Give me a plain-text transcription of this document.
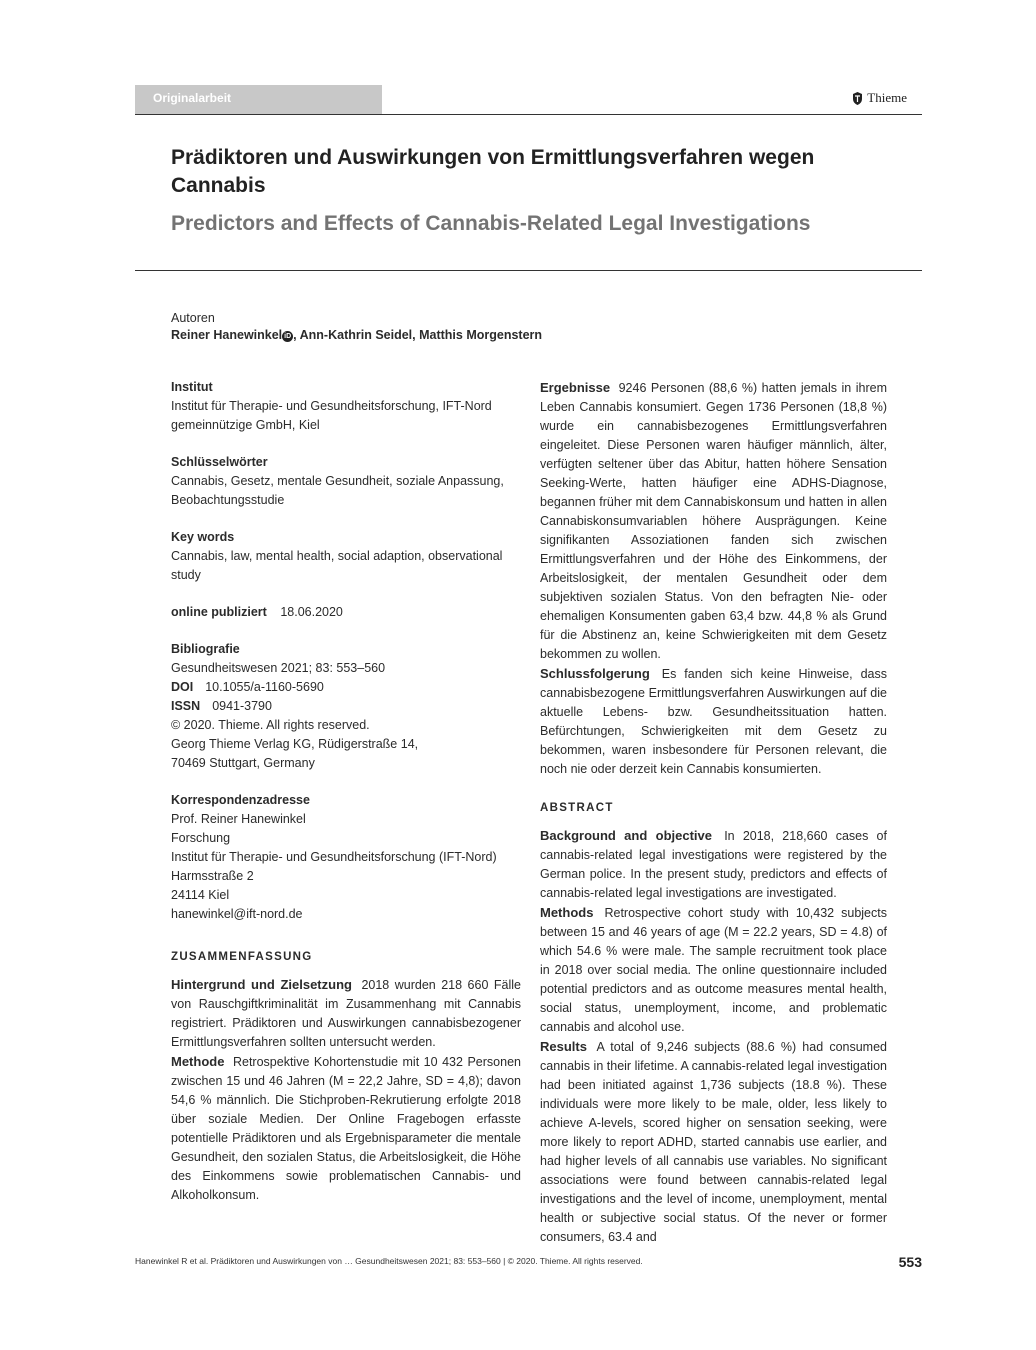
Originalarbeit	Thieme
Prädiktoren und Auswirkungen von Ermittlungsverfahren wegen Cannabis
Predictors and Effects of Cannabis-Related Legal Investigations
Autoren
Reiner Hanewinkel iD , Ann-Kathrin Seidel, Matthis Morgenstern
Institut
Institut für Therapie- und Gesundheitsforschung, IFT-Nord
gemeinnützige GmbH, Kiel
Schlüsselwörter
Cannabis, Gesetz, mentale Gesundheit, soziale Anpassung,
Beobachtungsstudie
Key words
Cannabis, law, mental health, social adaption, observational
study
online publiziert 18.06.2020
Bibliografie
Gesundheitswesen 2021; 83: 553–560
DOI 10.1055/a-1160-5690
ISSN 0941-3790
© 2020. Thieme. All rights reserved.
Georg Thieme Verlag KG, Rüdigerstraße 14,
70469 Stuttgart, Germany
Korrespondenzadresse
Prof. Reiner Hanewinkel
Forschung
Institut für Therapie- und Gesundheitsforschung (IFT-Nord)
Harmsstraße 2
24114 Kiel
hanewinkel@ift-nord.de
ZUSAMMENFASSUNG

Hintergrund und Zielsetzung 2018 wurden 218 660 Fälle von Rauschgiftkriminalität im Zusammenhang mit Cannabis registriert. Prädiktoren und Auswirkungen cannabisbezogener Ermittlungsverfahren sollten untersucht werden.

Methode Retrospektive Kohortenstudie mit 10 432 Personen zwischen 15 und 46 Jahren (M = 22,2 Jahre, SD = 4,8); davon 54,6 % männlich. Die Stichproben-Rekrutierung erfolgte 2018 über soziale Medien. Der Online Fragebogen erfasste potentielle Prädiktoren und als Ergebnisparameter die mentale Gesundheit, den sozialen Status, die Arbeitslosigkeit, die Höhe des Einkommens sowie problematischen Cannabis- und Alkoholkonsum.

Ergebnisse 9246 Personen (88,6 %) hatten jemals in ihrem Leben Cannabis konsumiert. Gegen 1736 Personen (18,8 %) wurde ein cannabisbezogenes Ermittlungsverfahren eingeleitet. Diese Personen waren häufiger männlich, älter, verfügten seltener über das Abitur, hatten höhere Sensation Seeking-Werte, hatten häufiger eine ADHS-Diagnose, begannen früher mit dem Cannabiskonsum und hatten in allen Cannabiskonsumvariablen höhere Ausprägungen. Keine signifikanten Assoziationen fanden sich zwischen Ermittlungsverfahren und der Höhe des Einkommens, der Arbeitslosigkeit, der mentalen Gesundheit oder dem subjektiven sozialen Status. Von den befragten Nie- oder ehemaligen Konsumenten gaben 63,4 bzw. 44,8 % als Grund für die Abstinenz an, keine Schwierigkeiten mit dem Gesetz bekommen zu wollen.

Schlussfolgerung Es fanden sich keine Hinweise, dass cannabisbezogene Ermittlungsverfahren Auswirkungen auf die aktuelle Lebens- bzw. Gesundheitssituation hatten. Befürchtungen, Schwierigkeiten mit dem Gesetz zu bekommen, waren insbesondere für Personen relevant, die noch nie oder derzeit kein Cannabis konsumierten.

ABSTRACT

Background and objective In 2018, 218,660 cases of cannabis-related legal investigations were registered by the German police. In the present study, predictors and effects of cannabis-related legal investigations are investigated.

Methods Retrospective cohort study with 10,432 subjects between 15 and 46 years of age (M = 22.2 years, SD = 4.8) of which 54.6 % were male. The sample recruitment took place in 2018 over social media. The online questionnaire included potential predictors and as outcome measures mental health, social status, unemployment, income, and problematic cannabis and alcohol use.

Results A total of 9,246 subjects (88.6 %) had consumed cannabis in their lifetime. A cannabis-related legal investigation had been initiated against 1,736 subjects (18.8 %). These individuals were more likely to be male, older, less likely to achieve A-levels, scored higher on sensation seeking, were more likely to report ADHD, started cannabis use earlier, and had higher levels of all cannabis use variables. No significant associations were found between cannabis-related legal investigations and the level of income, unemployment, mental health or subjective social status. Of the never or former consumers, 63.4 and

Hanewinkel R et al. Prädiktoren und Auswirkungen von … Gesundheitswesen 2021; 83: 553–560 | © 2020. Thieme. All rights reserved.	553
